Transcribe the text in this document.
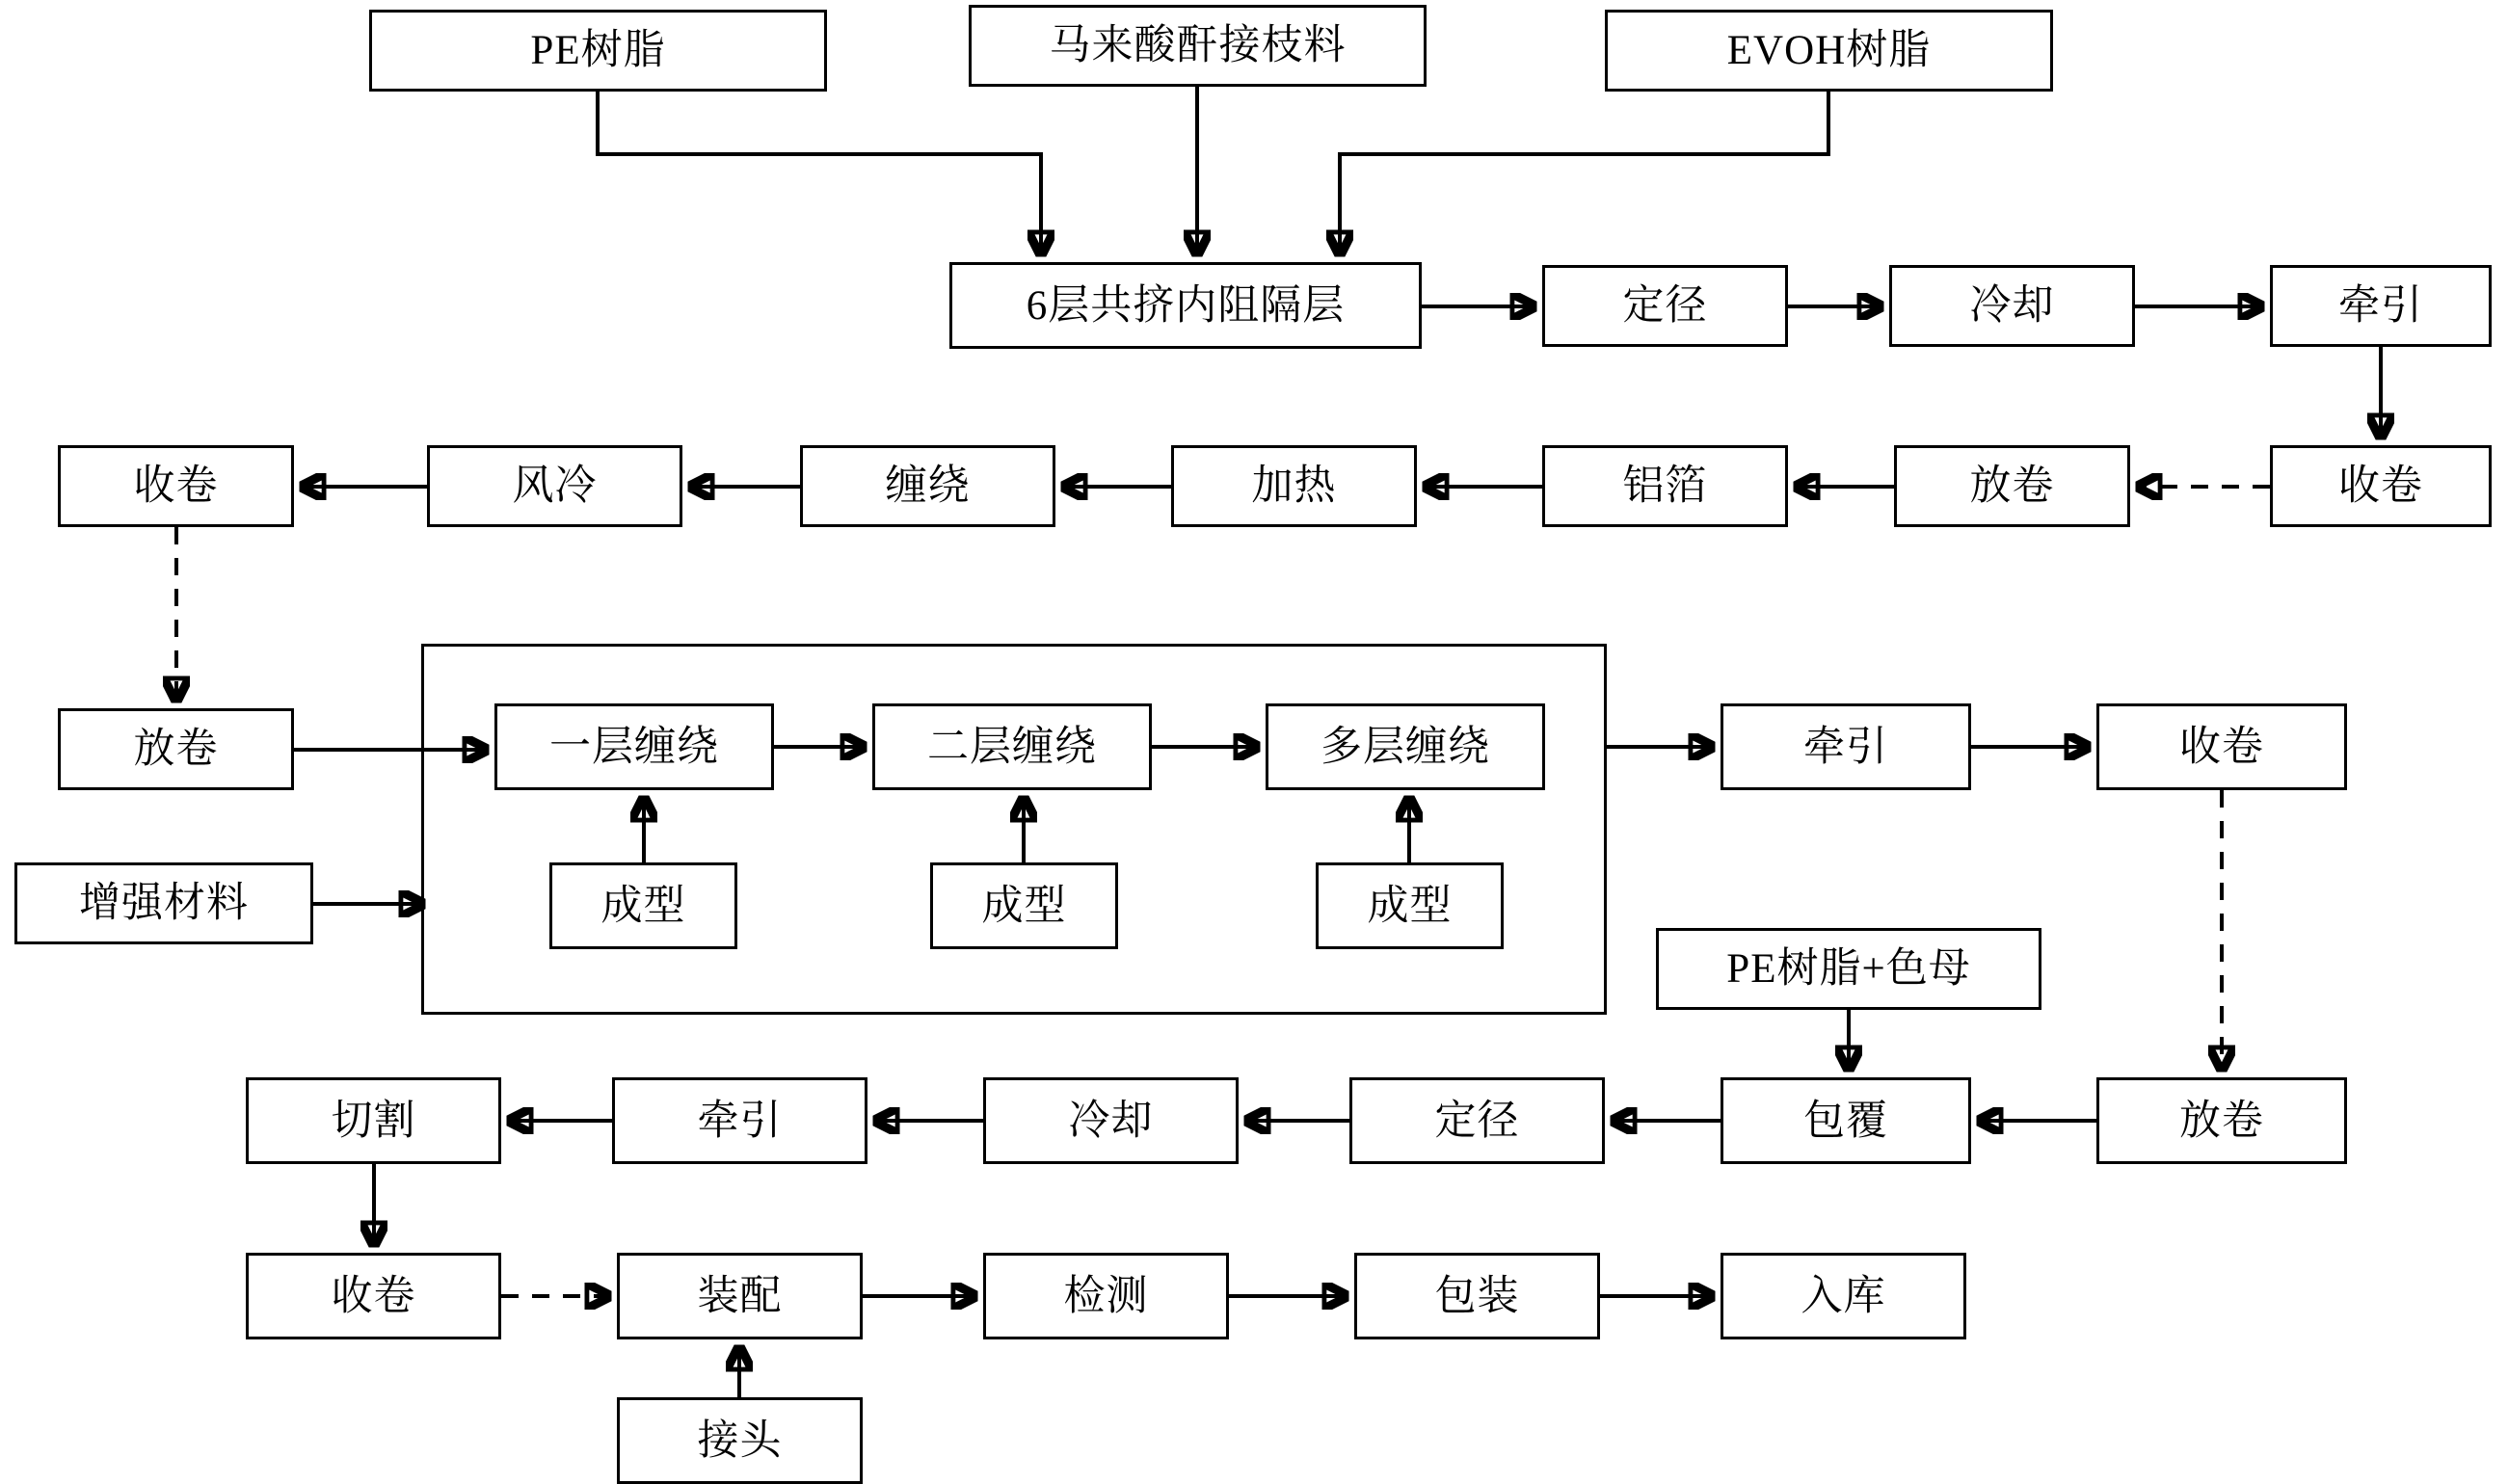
PE树脂	马来酸酐接枝料	EVOH树脂
6层共挤内阻隔层	定径	冷却	牵引
收卷
放卷
铝箔
加热
缠绕
风冷
收卷
放卷
增强材料
一层缠绕	二层缠绕	多层缠绕
成型	成型	成型
牵引	收卷
PE树脂+色母
放卷
包覆
定径
冷却
牵引
切割
收卷	装配	检测	包装	入库
接头
